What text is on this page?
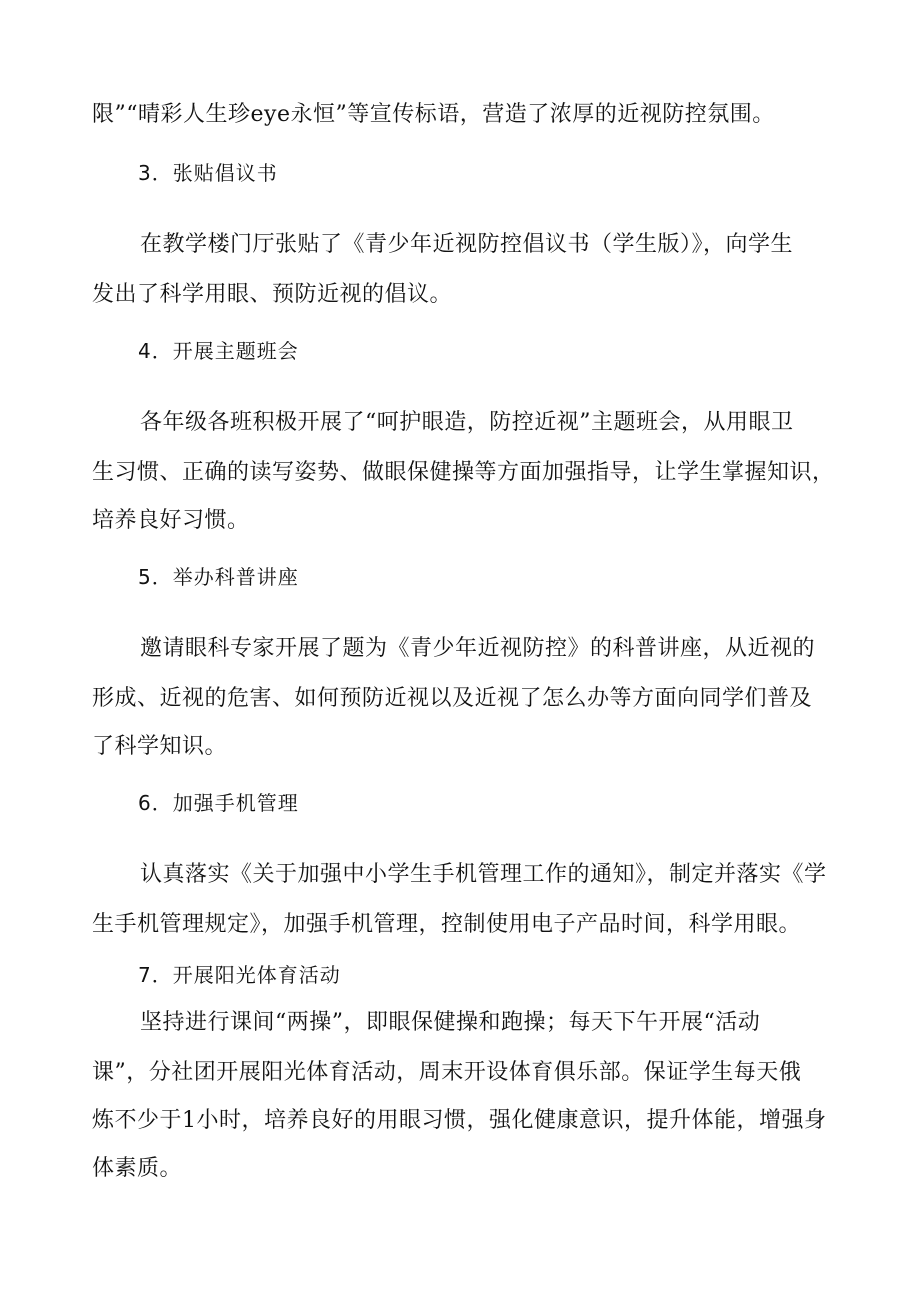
限”“晴彩人生珍eye永恒”等宣传标语，营造了浓厚的近视防控氛围。
3．张贴倡议书
在教学楼门厅张贴了《青少年近视防控倡议书（学生版）》，向学生
发出了科学用眼、预防近视的倡议。
4．开展主题班会
各年级各班积极开展了“呵护眼造，防控近视”主题班会，从用眼卫
生习惯、正确的读写姿势、做眼保健操等方面加强指导，让学生掌握知识，
培养良好习惯。
5．举办科普讲座
邀请眼科专家开展了题为《青少年近视防控》的科普讲座，从近视的
形成、近视的危害、如何预防近视以及近视了怎么办等方面向同学们普及
了科学知识。
6．加强手机管理
认真落实《关于加强中小学生手机管理工作的通知》，制定并落实《学
生手机管理规定》，加强手机管理，控制使用电子产品时间，科学用眼。
7．开展阳光体育活动
坚持进行课间“两操”，即眼保健操和跑操；每天下午开展“活动
课”，分社团开展阳光体育活动，周末开设体育俱乐部。保证学生每天俄
炼不少于1小时，培养良好的用眼习惯，强化健康意识，提升体能，增强身
体素质。
